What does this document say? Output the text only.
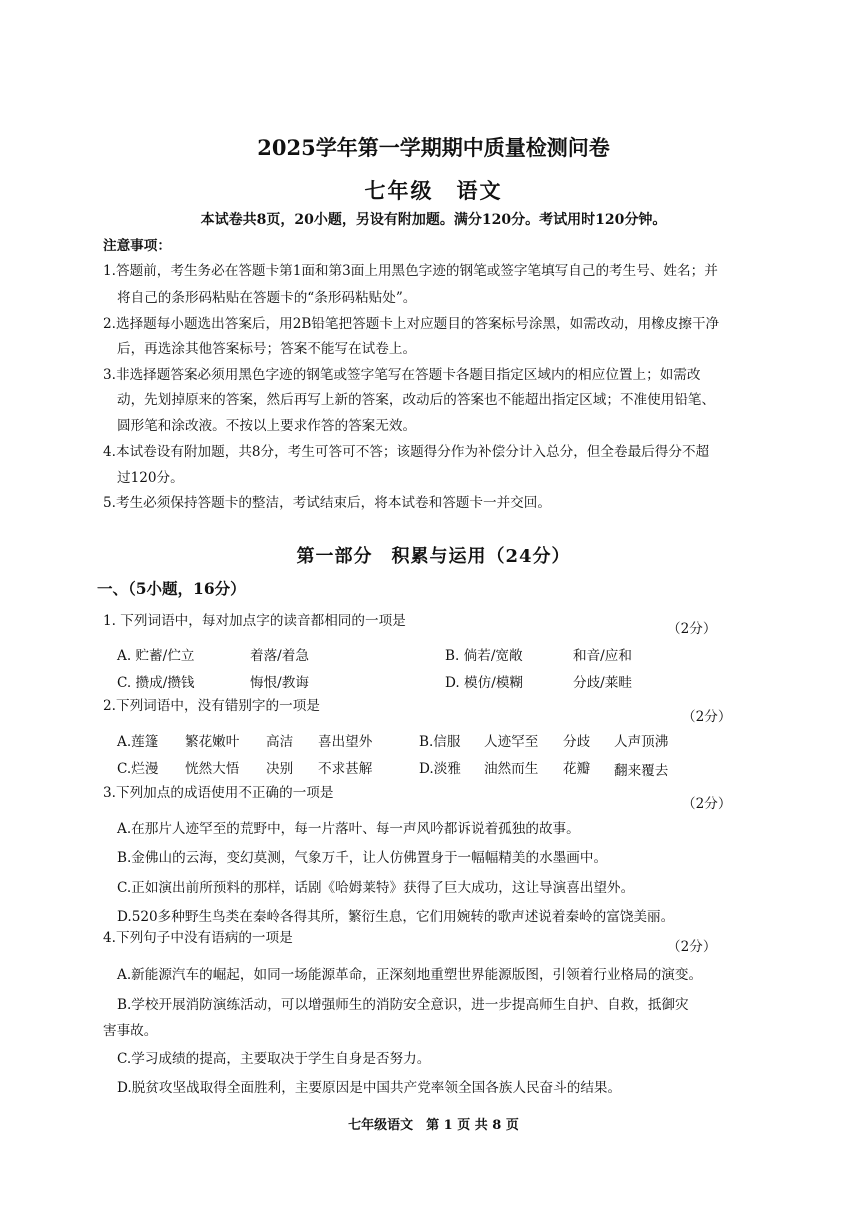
2025学年第一学期期中质量检测问卷
七年级　语文
本试卷共8页，20小题，另设有附加题。满分120分。考试用时120分钟。
注意事项：
1.答题前，考生务必在答题卡第1面和第3面上用黑色字迹的钢笔或签字笔填写自己的考生号、姓名；并
将自己的条形码粘贴在答题卡的“条形码粘贴处”。
2.选择题每小题选出答案后，用2B铅笔把答题卡上对应题目的答案标号涂黑，如需改动，用橡皮擦干净
后，再选涂其他答案标号；答案不能写在试卷上。
3.非选择题答案必须用黑色字迹的钢笔或签字笔写在答题卡各题目指定区域内的相应位置上；如需改
动，先划掉原来的答案，然后再写上新的答案，改动后的答案也不能超出指定区域；不准使用铅笔、
圆形笔和涂改液。不按以上要求作答的答案无效。
4.本试卷设有附加题，共8分，考生可答可不答；该题得分作为补偿分计入总分，但全卷最后得分不超
过120分。
5.考生必须保持答题卡的整洁，考试结束后，将本试卷和答题卡一并交回。
第一部分　积累与运用（24分）
一、（5小题，16分）
1. 下列词语中，每对加点字的读音都相同的一项是	（2分）
A. 贮蓄/伫立	着落/着急	B. 倘若/宽敞	和音/应和
C. 攒成/攒钱	悔恨/教诲	D. 模仿/模糊	分歧/莱畦
2.下列词语中，没有错别字的一项是
（2分）
A.莲篷 繁花嫩叶 高洁 喜出望外	B.信服 人迹罕至 分歧 人声顶沸
C.烂漫 恍然大悟 决别 不求甚解	D.淡雅 油然而生 花瓣 翻来覆去
3.下列加点的成语使用不正确的一项是
（2分）
A.在那片人迹罕至的荒野中，每一片落叶、每一声风吟都诉说着孤独的故事。
B.金佛山的云海，变幻莫测，气象万千，让人仿佛置身于一幅幅精美的水墨画中。
C.正如演出前所预料的那样，话剧《哈姆莱特》获得了巨大成功，这让导演喜出望外。
D.520多种野生鸟类在秦岭各得其所，繁衍生息，它们用婉转的歌声述说着秦岭的富饶美丽。
4.下列句子中没有语病的一项是
（2分）
A.新能源汽车的崛起，如同一场能源革命，正深刻地重塑世界能源版图，引领着行业格局的演变。
B.学校开展消防演练活动，可以增强师生的消防安全意识，进一步提高师生自护、自救，抵御灾
害事故。
C.学习成绩的提高，主要取决于学生自身是否努力。
D.脱贫攻坚战取得全面胜利，主要原因是中国共产党率领全国各族人民奋斗的结果。
七年级语文　第 1 页 共 8 页
